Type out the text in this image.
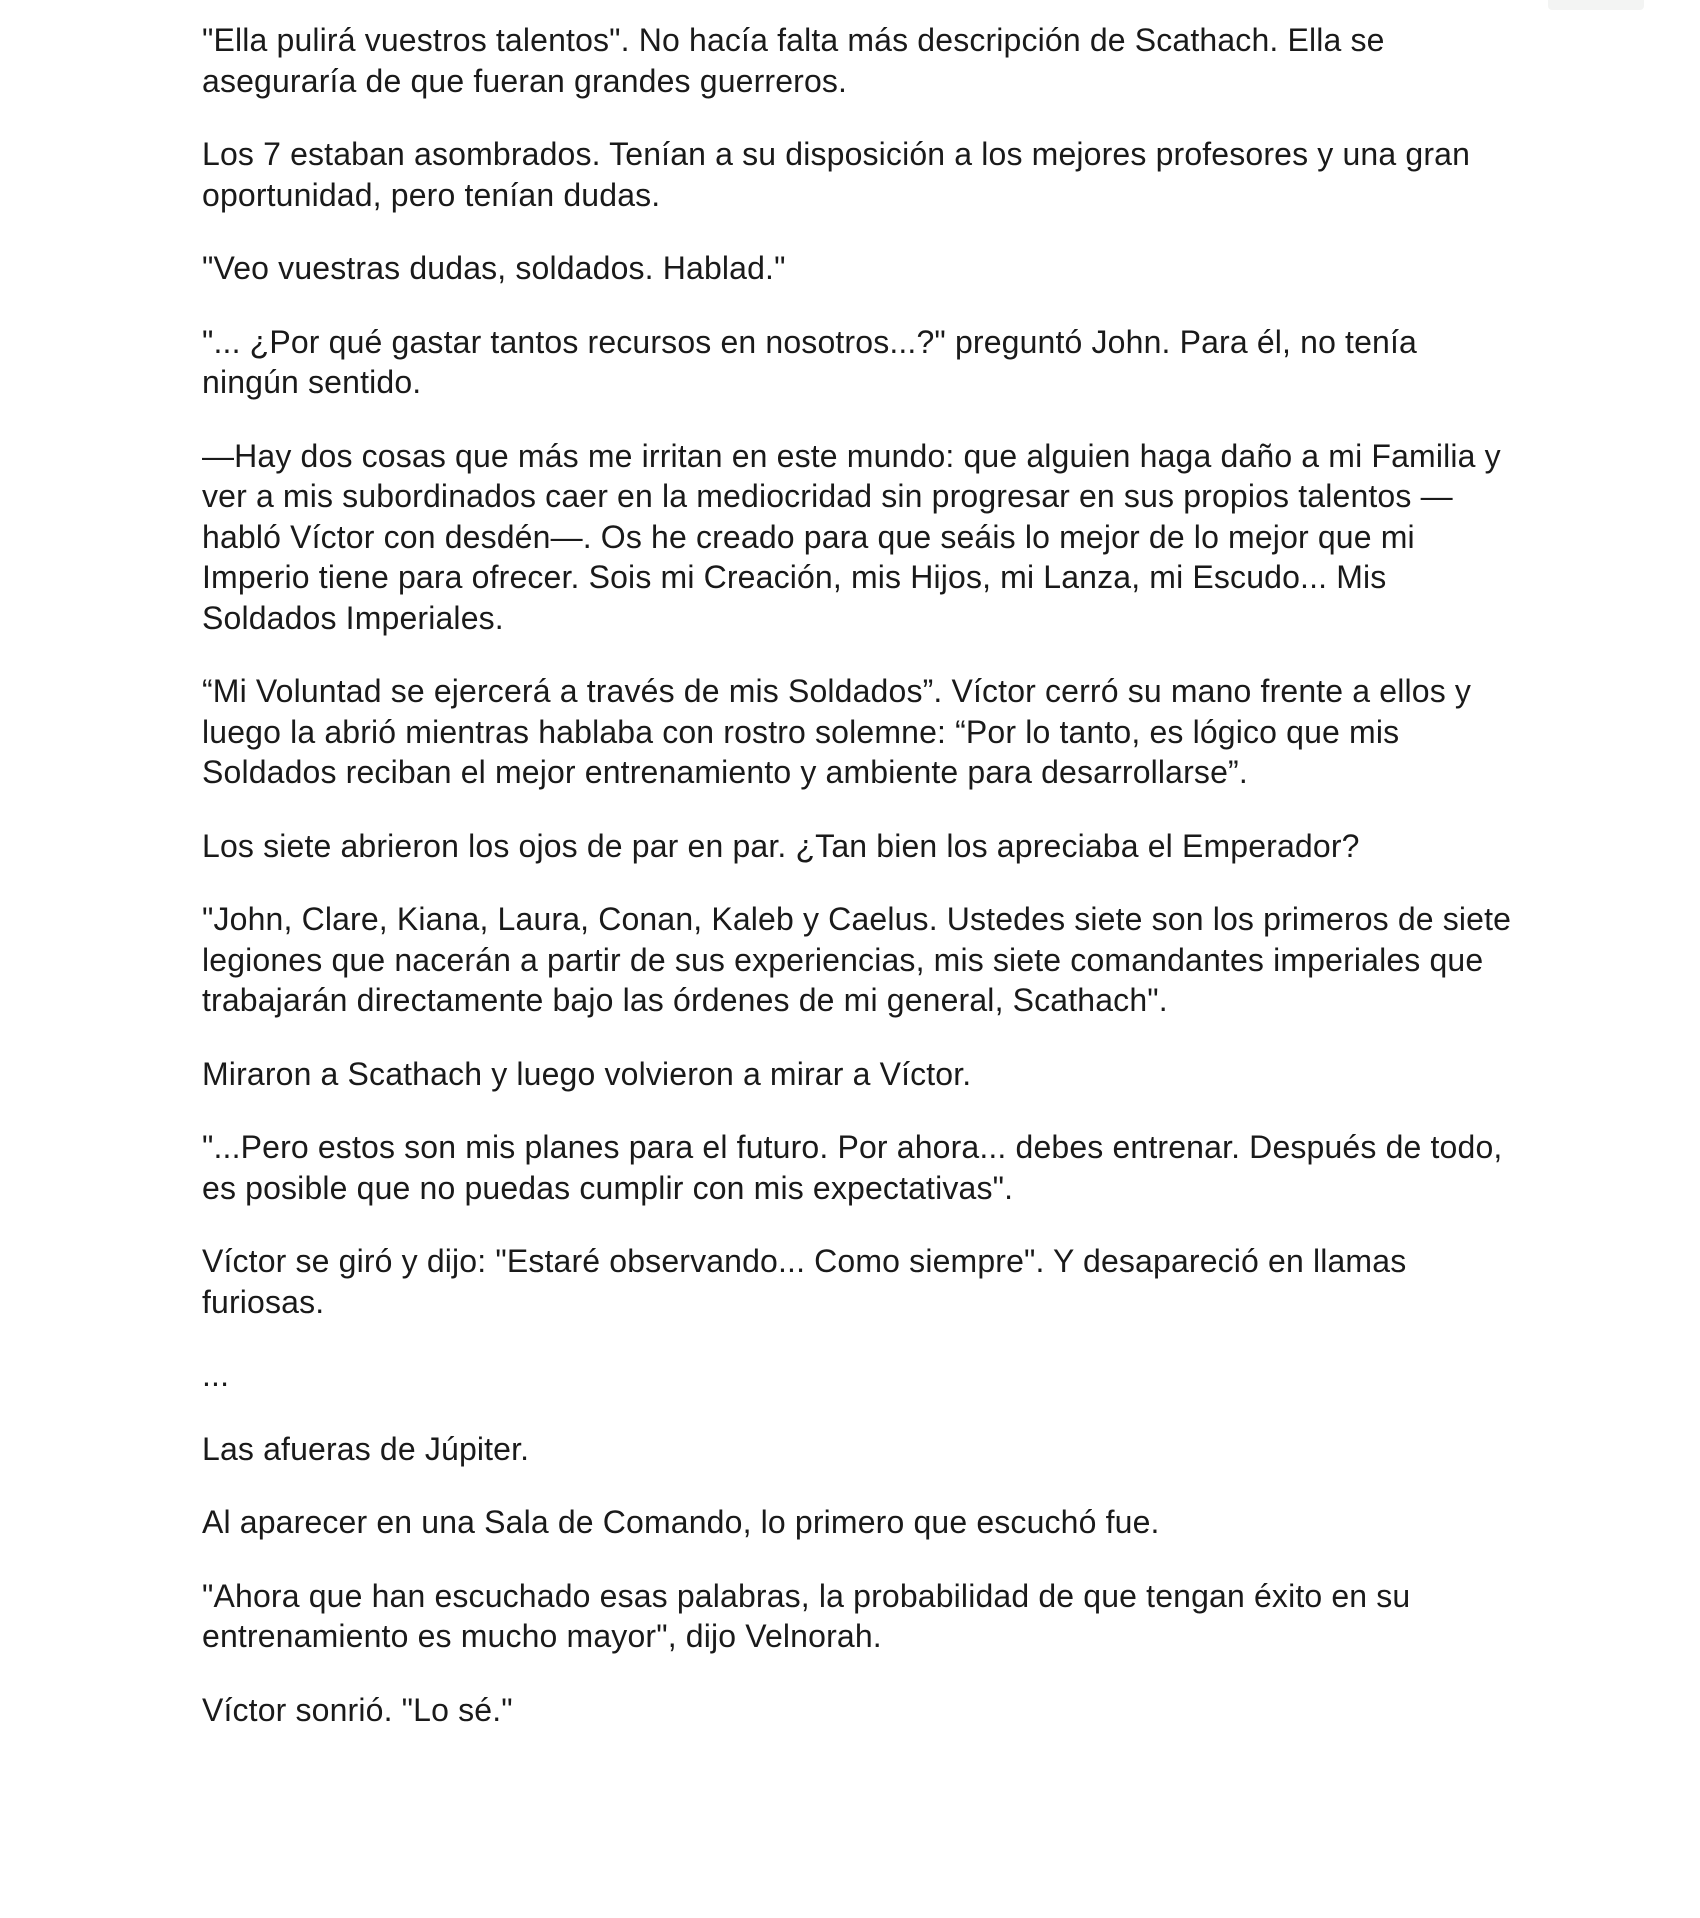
"Ella pulirá vuestros talentos". No hacía falta más descripción de Scathach. Ella se aseguraría de que fueran grandes guerreros.

Los 7 estaban asombrados. Tenían a su disposición a los mejores profesores y una gran oportunidad, pero tenían dudas.

"Veo vuestras dudas, soldados. Hablad."

"... ¿Por qué gastar tantos recursos en nosotros...?" preguntó John. Para él, no tenía ningún sentido.

—Hay dos cosas que más me irritan en este mundo: que alguien haga daño a mi Familia y ver a mis subordinados caer en la mediocridad sin progresar en sus propios talentos —habló Víctor con desdén—. Os he creado para que seáis lo mejor de lo mejor que mi Imperio tiene para ofrecer. Sois mi Creación, mis Hijos, mi Lanza, mi Escudo... Mis Soldados Imperiales.

“Mi Voluntad se ejercerá a través de mis Soldados”. Víctor cerró su mano frente a ellos y luego la abrió mientras hablaba con rostro solemne: “Por lo tanto, es lógico que mis Soldados reciban el mejor entrenamiento y ambiente para desarrollarse”.

Los siete abrieron los ojos de par en par. ¿Tan bien los apreciaba el Emperador?

"John, Clare, Kiana, Laura, Conan, Kaleb y Caelus. Ustedes siete son los primeros de siete legiones que nacerán a partir de sus experiencias, mis siete comandantes imperiales que trabajarán directamente bajo las órdenes de mi general, Scathach".

Miraron a Scathach y luego volvieron a mirar a Víctor.

"...Pero estos son mis planes para el futuro. Por ahora... debes entrenar. Después de todo, es posible que no puedas cumplir con mis expectativas".

Víctor se giró y dijo: "Estaré observando... Como siempre". Y desapareció en llamas furiosas.

...

Las afueras de Júpiter.

Al aparecer en una Sala de Comando, lo primero que escuchó fue.

"Ahora que han escuchado esas palabras, la probabilidad de que tengan éxito en su entrenamiento es mucho mayor", dijo Velnorah.

Víctor sonrió. "Lo sé."
